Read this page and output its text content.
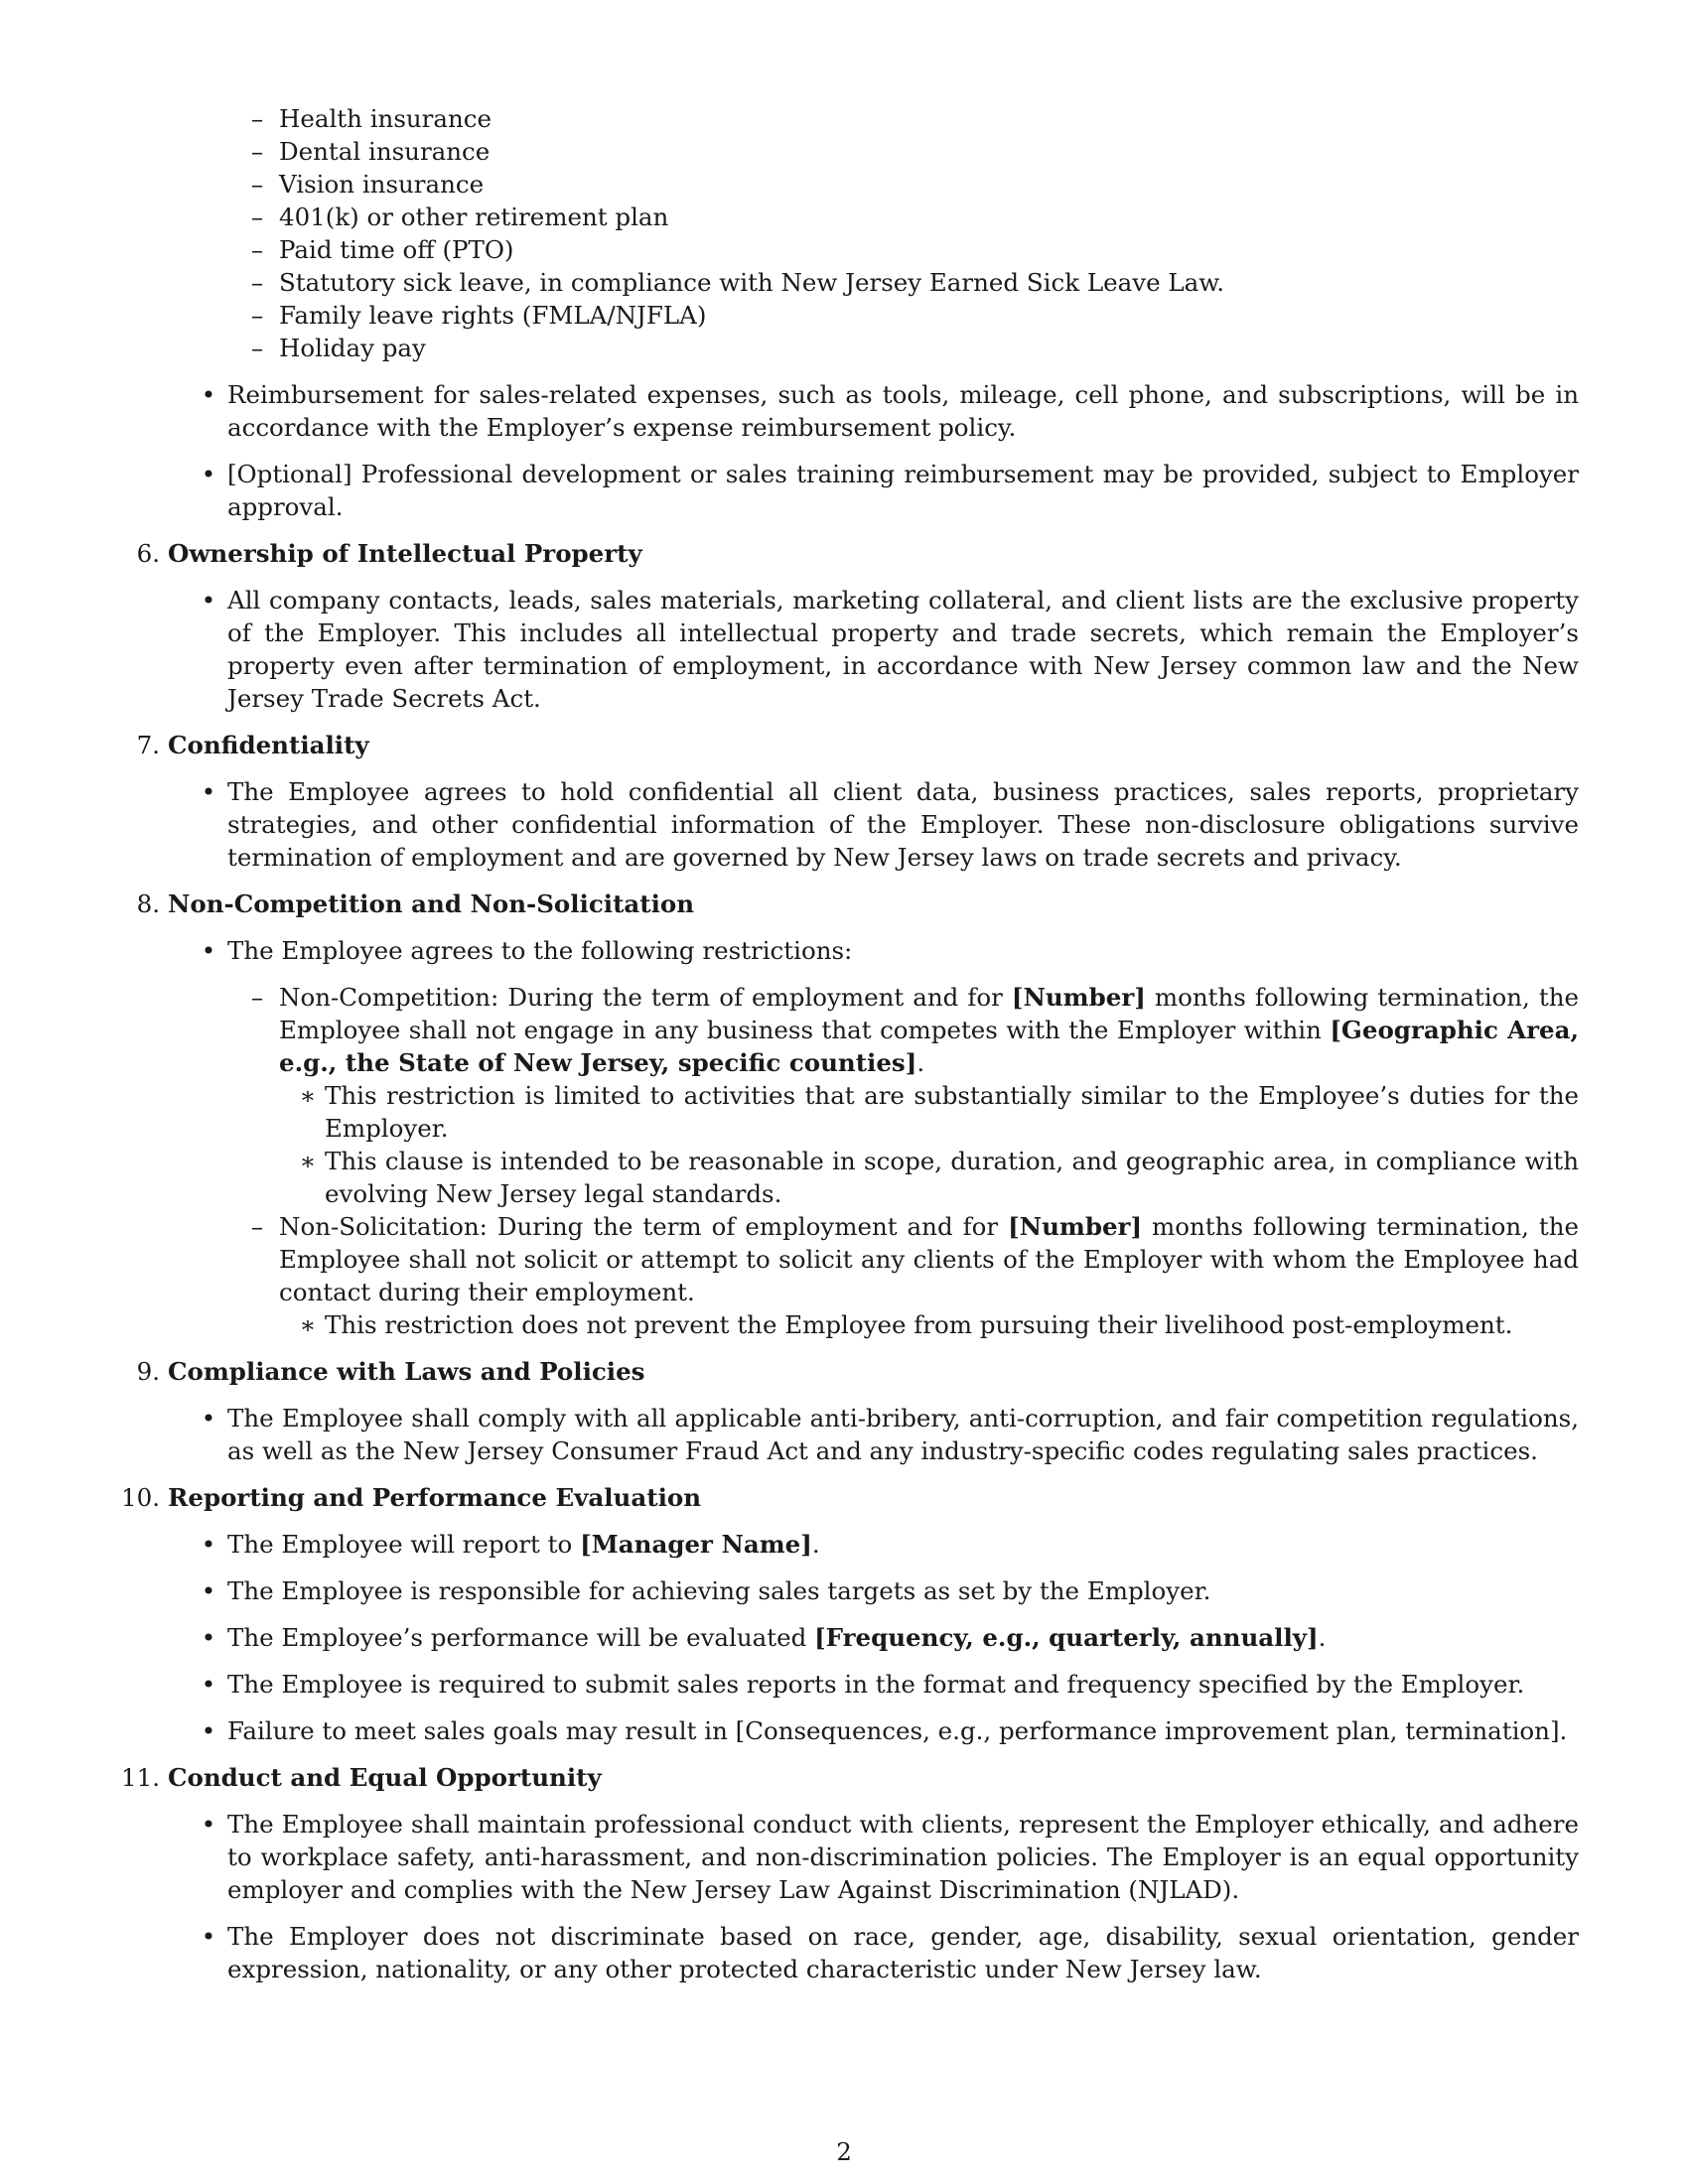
– Health insurance
– Dental insurance
– Vision insurance
– 401(k) or other retirement plan
– Paid time off (PTO)
– Statutory sick leave, in compliance with New Jersey Earned Sick Leave Law.
– Family leave rights (FMLA/NJFLA)
– Holiday pay
• Reimbursement for sales-related expenses, such as tools, mileage, cell phone, and subscriptions, will be in accordance with the Employer’s expense reimbursement policy.
• [Optional] Professional development or sales training reimbursement may be provided, subject to Employer approval.
6. Ownership of Intellectual Property
• All company contacts, leads, sales materials, marketing collateral, and client lists are the exclusive property of the Employer. This includes all intellectual property and trade secrets, which remain the Employer’s property even after termination of employment, in accordance with New Jersey common law and the New Jersey Trade Secrets Act.
7. Confidentiality
• The Employee agrees to hold confidential all client data, business practices, sales reports, proprietary strategies, and other confidential information of the Employer. These non-disclosure obligations survive termination of employment and are governed by New Jersey laws on trade secrets and privacy.
8. Non-Competition and Non-Solicitation
• The Employee agrees to the following restrictions:
– Non-Competition: During the term of employment and for [Number] months following termination, the Employee shall not engage in any business that competes with the Employer within [Geographic Area, e.g., the State of New Jersey, specific counties].
∗ This restriction is limited to activities that are substantially similar to the Employee’s duties for the Employer.
∗ This clause is intended to be reasonable in scope, duration, and geographic area, in compliance with evolving New Jersey legal standards.
– Non-Solicitation: During the term of employment and for [Number] months following termination, the Employee shall not solicit or attempt to solicit any clients of the Employer with whom the Employee had contact during their employment.
∗ This restriction does not prevent the Employee from pursuing their livelihood post-employment.
9. Compliance with Laws and Policies
• The Employee shall comply with all applicable anti-bribery, anti-corruption, and fair competition regulations, as well as the New Jersey Consumer Fraud Act and any industry-specific codes regulating sales practices.
10. Reporting and Performance Evaluation
• The Employee will report to [Manager Name].
• The Employee is responsible for achieving sales targets as set by the Employer.
• The Employee’s performance will be evaluated [Frequency, e.g., quarterly, annually].
• The Employee is required to submit sales reports in the format and frequency specified by the Employer.
• Failure to meet sales goals may result in [Consequences, e.g., performance improvement plan, termination].
11. Conduct and Equal Opportunity
• The Employee shall maintain professional conduct with clients, represent the Employer ethically, and adhere to workplace safety, anti-harassment, and non-discrimination policies. The Employer is an equal opportunity employer and complies with the New Jersey Law Against Discrimination (NJLAD).
• The Employer does not discriminate based on race, gender, age, disability, sexual orientation, gender expression, nationality, or any other protected characteristic under New Jersey law.
2
